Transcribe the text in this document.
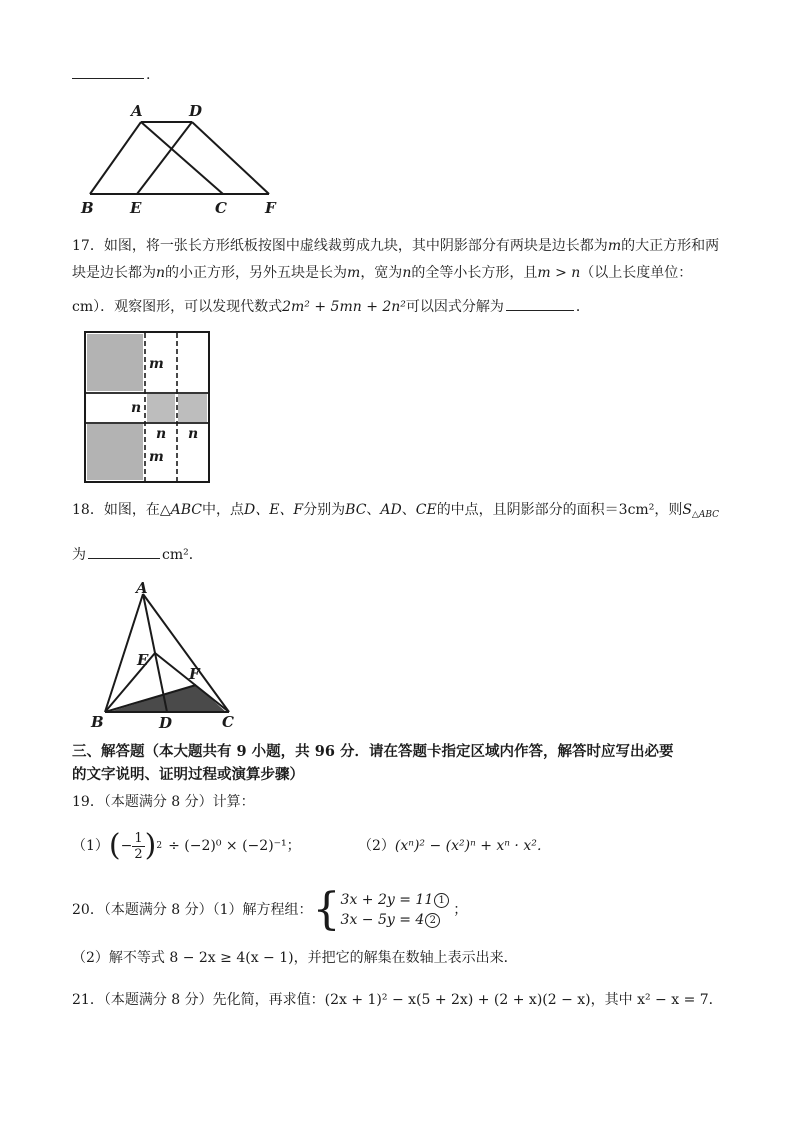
.
A	D
B E	C	F
17．如图，将一张长方形纸板按图中虚线裁剪成九块，其中阴影部分有两块是边长都为m的大正方形和两
块是边长都为n的小正方形，另外五块是长为m，宽为n的全等小长方形，且m > n（以上长度单位：
cm）．观察图形，可以发现代数式2m² + 5mn + 2n²可以因式分解为	．
m
n
n n
m
18．如图，在△ABC中，点D、E、F分别为BC、AD、CE的中点，且阴影部分的面积＝3cm²，则$S_{\triangle ABC}$
为	cm²．
A
E
F
B	D	C
三、解答题（本大题共有 9 小题，共 96 分．请在答题卡指定区域内作答，解答时应写出必要
的文字说明、证明过程或演算步骤）
19．（本题满分 8 分）计算：
（1） ( − $\frac{1}{2}$ ) 2 ÷ (−2)⁰ × (−2)⁻¹；	（2）(xⁿ)² − (x²)ⁿ + xⁿ · x²．
20．（本题满分 8 分）（1）解方程组： { 3x + 2y = 11 1
3x − 5y = 4 2
；
（2）解不等式 8 − 2x ≥ 4(x − 1)，并把它的解集在数轴上表示出来．
21．（本题满分 8 分）先化简，再求值：(2x + 1)² − x(5 + 2x) + (2 + x)(2 − x)，其中 x² − x = 7．
